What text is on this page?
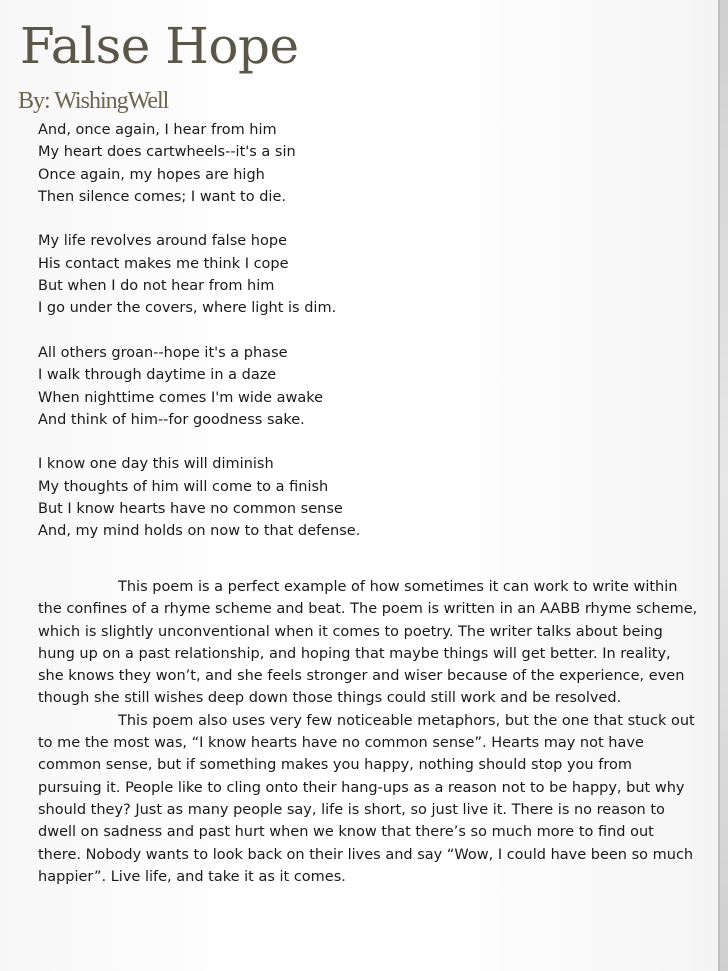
False Hope
By: WishingWell
And, once again, I hear from him
My heart does cartwheels--it's a sin
Once again, my hopes are high
Then silence comes; I want to die.
My life revolves around false hope
His contact makes me think I cope
But when I do not hear from him
I go under the covers, where light is dim.
All others groan--hope it's a phase
I walk through daytime in a daze
When nighttime comes I'm wide awake
And think of him--for goodness sake.
I know one day this will diminish
My thoughts of him will come to a finish
But I know hearts have no common sense
And, my mind holds on now to that defense.

This poem is a perfect example of how sometimes it can work to write within the confines of a rhyme scheme and beat. The poem is written in an AABB rhyme scheme, which is slightly unconventional when it comes to poetry. The writer talks about being hung up on a past relationship, and hoping that maybe things will get better. In reality, she knows they won’t, and she feels stronger and wiser because of the experience, even though she still wishes deep down those things could still work and be resolved.

This poem also uses very few noticeable metaphors, but the one that stuck out to me the most was, “I know hearts have no common sense”. Hearts may not have common sense, but if something makes you happy, nothing should stop you from pursuing it. People like to cling onto their hang-ups as a reason not to be happy, but why should they? Just as many people say, life is short, so just live it. There is no reason to dwell on sadness and past hurt when we know that there’s so much more to find out there. Nobody wants to look back on their lives and say “Wow, I could have been so much happier”. Live life, and take it as it comes.
